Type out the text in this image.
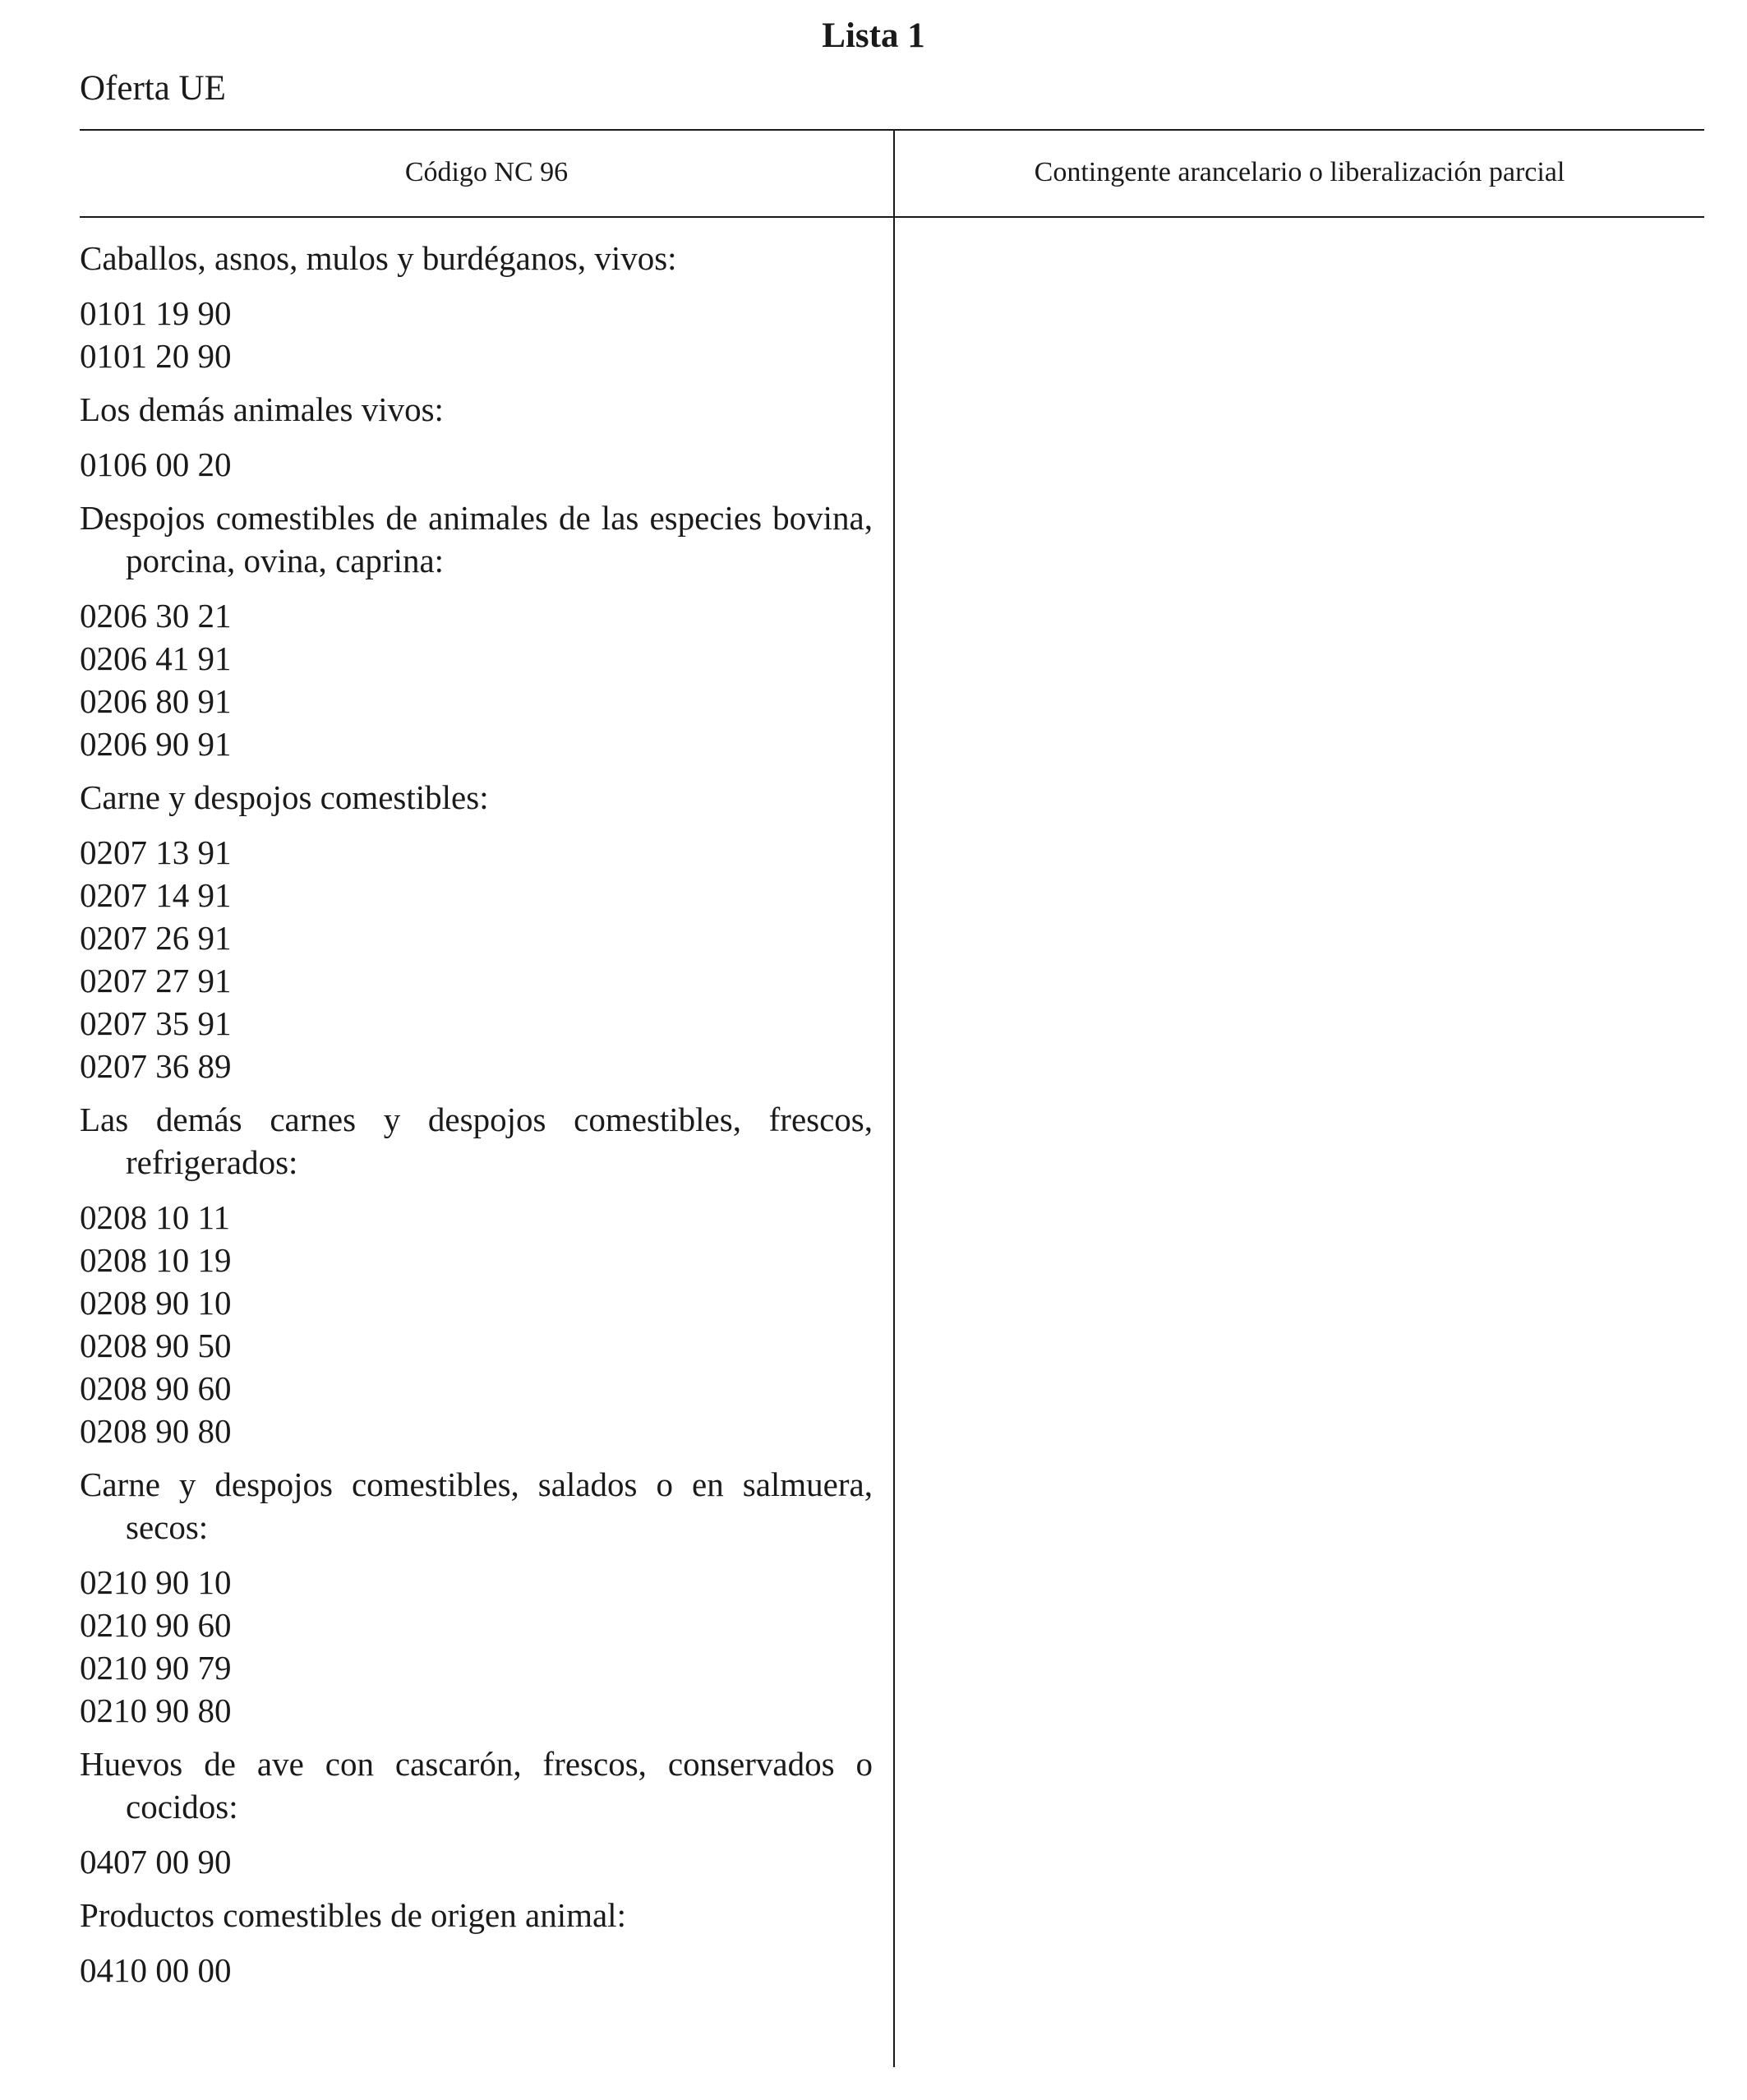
Lista 1

Oferta UE

Código NC 96	Contingente arancelario o liberalización parcial
Caballos, asnos, mulos y burdéganos, vivos:
0101 19 90
0101 20 90
Los demás animales vivos:
0106 00 20
Despojos comestibles de animales de las especies bovina, porcina, ovina, caprina:
0206 30 21
0206 41 91
0206 80 91
0206 90 91
Carne y despojos comestibles:
0207 13 91
0207 14 91
0207 26 91
0207 27 91
0207 35 91
0207 36 89
Las demás carnes y despojos comestibles, frescos, refrigerados:
0208 10 11
0208 10 19
0208 90 10
0208 90 50
0208 90 60
0208 90 80
Carne y despojos comestibles, salados o en salmuera, secos:
0210 90 10
0210 90 60
0210 90 79
0210 90 80
Huevos de ave con cascarón, frescos, conservados o cocidos:
0407 00 90
Productos comestibles de origen animal:
0410 00 00
